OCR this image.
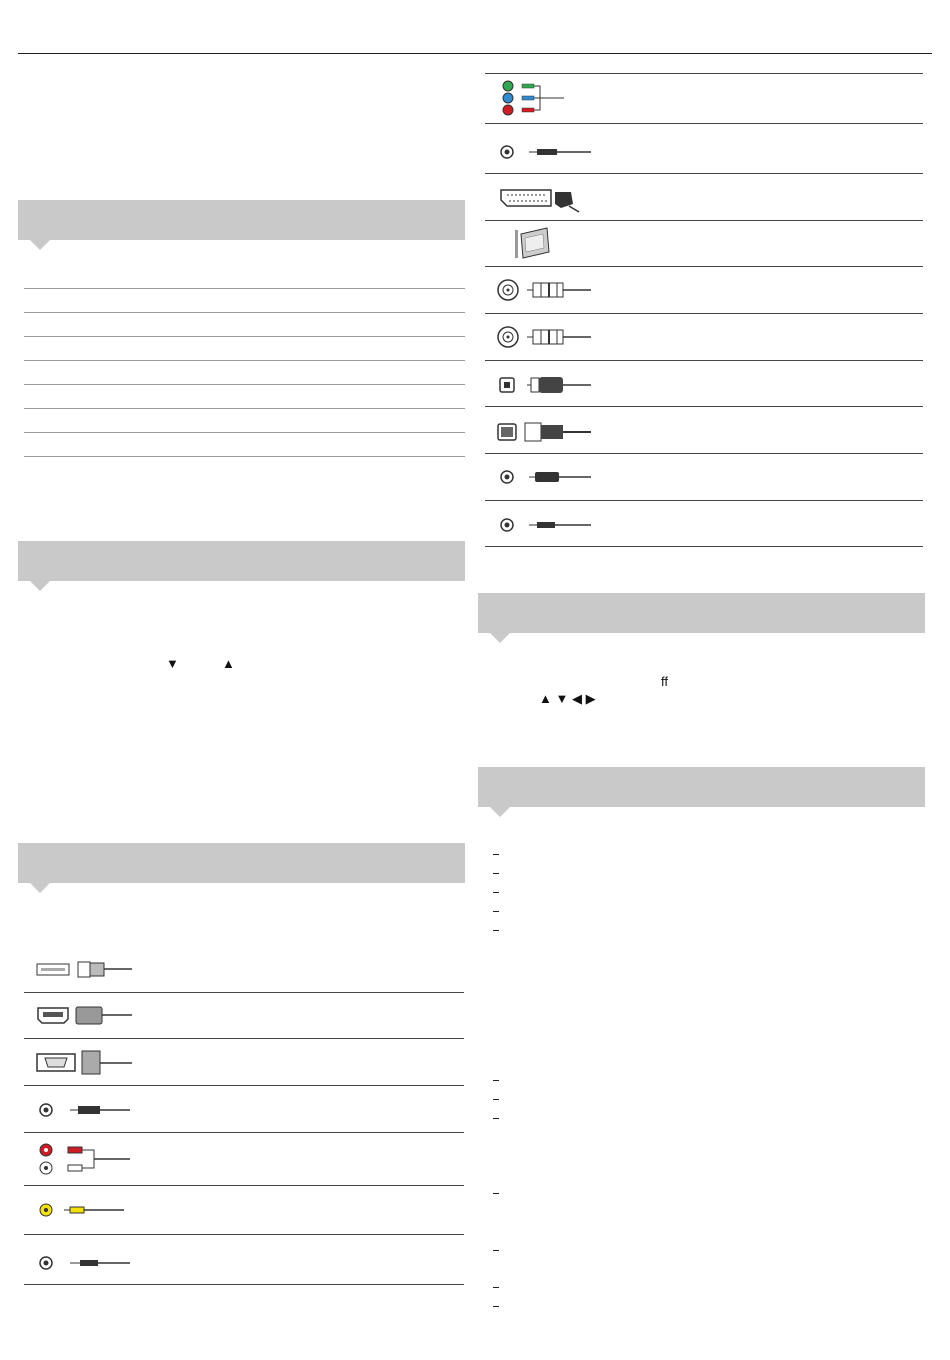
▼	▲
ff
▲ ▼ ◀ ▶
